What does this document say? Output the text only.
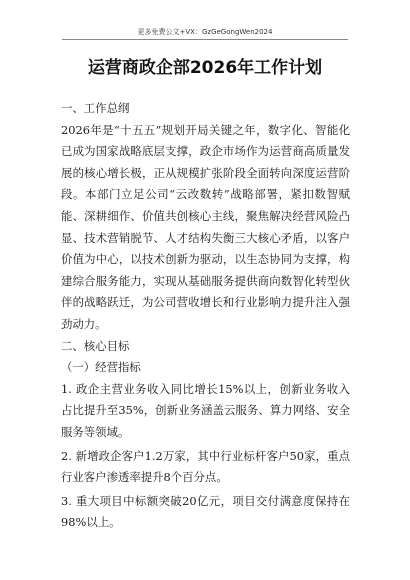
更多免费公文+VX：GzGeGongWen2024
运营商政企部2026年工作计划

一、工作总纲

2026年是“十五五”规划开局关键之年，数字化、智能化已成为国家战略底层支撑，政企市场作为运营商高质量发展的核心增长极，正从规模扩张阶段全面转向深度运营阶段。本部门立足公司“云改数转”战略部署，紧扣数智赋能、深耕细作、价值共创核心主线，聚焦解决经营风险凸显、技术营销脱节、人才结构失衡三大核心矛盾，以客户价值为中心，以技术创新为驱动，以生态协同为支撑，构建综合服务能力，实现从基础服务提供商向数智化转型伙伴的战略跃迁，为公司营收增长和行业影响力提升注入强劲动力。

二、核心目标

（一）经营指标

1. 政企主营业务收入同比增长15%以上，创新业务收入占比提升至35%，创新业务涵盖云服务、算力网络、安全服务等领域。

2. 新增政企客户1.2万家，其中行业标杆客户50家，重点行业客户渗透率提升8个百分点。

3. 重大项目中标额突破20亿元，项目交付满意度保持在98%以上。
